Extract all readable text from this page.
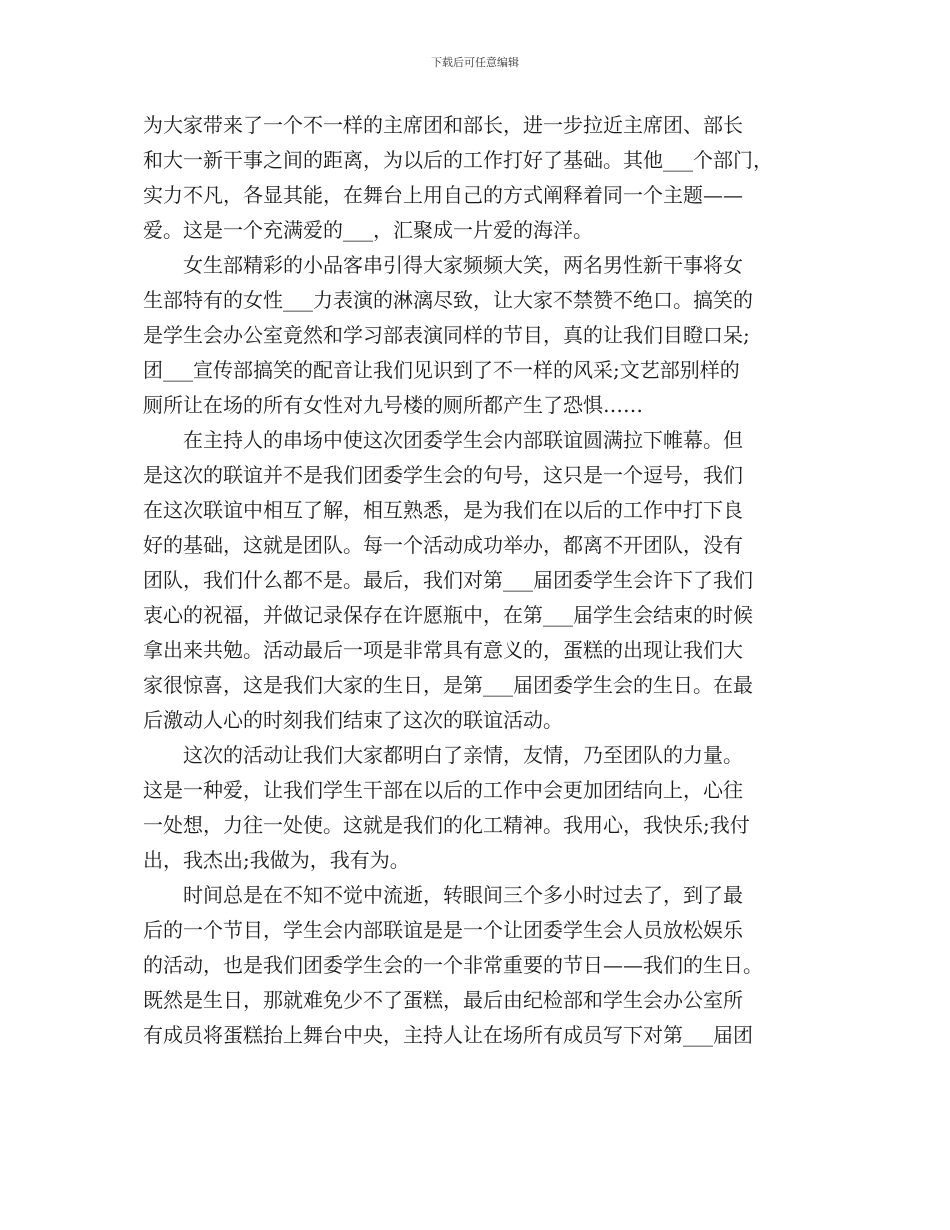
下载后可任意编辑
为大家带来了一个不一样的主席团和部长，进一步拉近主席团、部长
和大一新干事之间的距离，为以后的工作打好了基础。其他___个部门，
实力不凡，各显其能，在舞台上用自己的方式阐释着同一个主题——
爱。这是一个充满爱的___，汇聚成一片爱的海洋。
　　女生部精彩的小品客串引得大家频频大笑，两名男性新干事将女
生部特有的女性___力表演的淋漓尽致，让大家不禁赞不绝口。搞笑的
是学生会办公室竟然和学习部表演同样的节目，真的让我们目瞪口呆;
团___宣传部搞笑的配音让我们见识到了不一样的风采;文艺部别样的
厕所让在场的所有女性对九号楼的厕所都产生了恐惧……
　　在主持人的串场中使这次团委学生会内部联谊圆满拉下帷幕。但
是这次的联谊并不是我们团委学生会的句号，这只是一个逗号，我们
在这次联谊中相互了解，相互熟悉，是为我们在以后的工作中打下良
好的基础，这就是团队。每一个活动成功举办，都离不开团队，没有
团队，我们什么都不是。最后，我们对第___届团委学生会许下了我们
衷心的祝福，并做记录保存在许愿瓶中，在第___届学生会结束的时候
拿出来共勉。活动最后一项是非常具有意义的，蛋糕的出现让我们大
家很惊喜，这是我们大家的生日，是第___届团委学生会的生日。在最
后激动人心的时刻我们结束了这次的联谊活动。
　　这次的活动让我们大家都明白了亲情，友情，乃至团队的力量。
这是一种爱，让我们学生干部在以后的工作中会更加团结向上，心往
一处想，力往一处使。这就是我们的化工精神。我用心，我快乐;我付
出，我杰出;我做为，我有为。
　　时间总是在不知不觉中流逝，转眼间三个多小时过去了，到了最
后的一个节目，学生会内部联谊是是一个让团委学生会人员放松娱乐
的活动，也是我们团委学生会的一个非常重要的节日——我们的生日。
既然是生日，那就难免少不了蛋糕，最后由纪检部和学生会办公室所
有成员将蛋糕抬上舞台中央，主持人让在场所有成员写下对第___届团
